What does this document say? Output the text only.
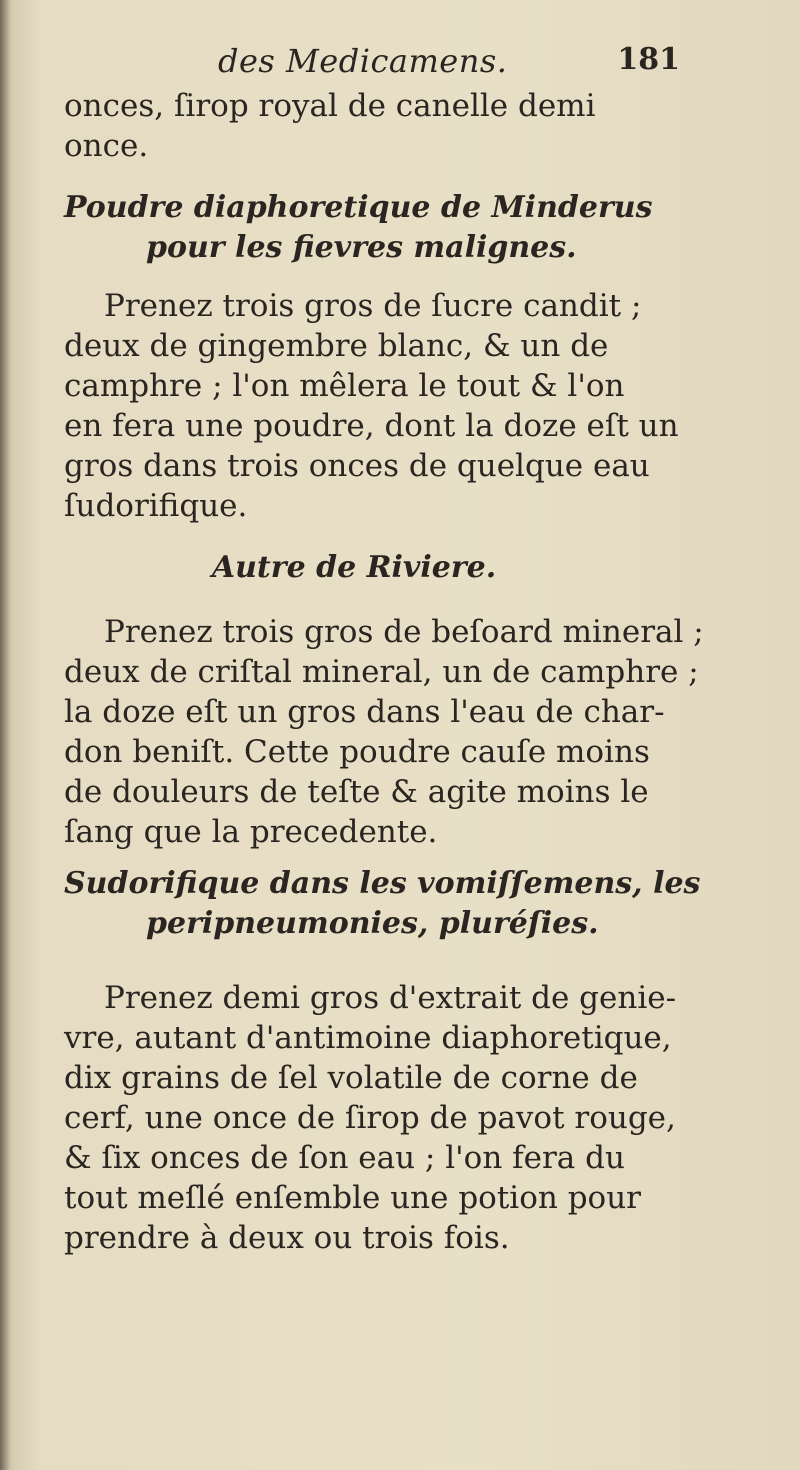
des Medicamens.	181
onces, ſirop royal de canelle demi
once.
Poudre diaphoretique de Minderus
pour les fievres malignes.
Prenez trois gros de ſucre candit ;
deux de gingembre blanc, & un de
camphre ; l'on mêlera le tout & l'on
en fera une poudre, dont la doze eſt un
gros dans trois onces de quelque eau
ſudorifique.
Autre de Riviere.
Prenez trois gros de beſoard mineral ;
deux de criſtal mineral, un de camphre ;
la doze eſt un gros dans l'eau de char-
don beniſt. Cette poudre cauſe moins
de douleurs de teſte & agite moins le
ſang que la precedente.
Sudorifique dans les vomiſſemens, les
peripneumonies, pluréſies.
Prenez demi gros d'extrait de genie-
vre, autant d'antimoine diaphoretique,
dix grains de ſel volatile de corne de
cerf, une once de ſirop de pavot rouge,
& ſix onces de ſon eau ; l'on fera du
tout meſlé enſemble une potion pour
prendre à deux ou trois fois.
